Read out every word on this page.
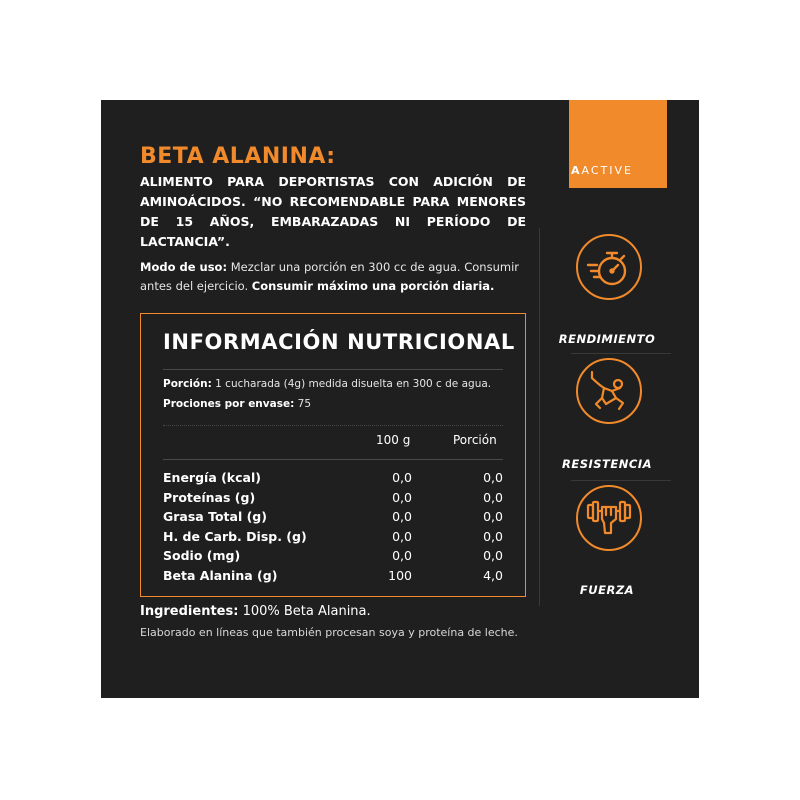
A ACTIVE
BETA ALANINA:
ALIMENTO PARA DEPORTISTAS CON ADICIÓN DE AMINOÁCIDOS. “NO RECOMENDABLE PARA MENORES DE 15 AÑOS, EMBARAZADAS NI PERÍODO DE LACTANCIA”.
Modo de uso: Mezclar una porción en 300 cc de agua. Consumir antes del ejercicio. Consumir máximo una porción diaria.
INFORMACIÓN NUTRICIONAL
Porción: 1 cucharada (4g) medida disuelta en 300 c de agua.
Prociones por envase: 75
100 g	Porción
Energía (kcal)	0,0	0,0
Proteínas (g)	0,0	0,0
Grasa Total (g)	0,0	0,0
H. de Carb. Disp. (g)	0,0	0,0
Sodio (mg)	0,0	0,0
Beta Alanina (g)	100	4,0
Ingredientes: 100% Beta Alanina.
Elaborado en líneas que también procesan soya y proteína de leche.
RENDIMIENTO
RESISTENCIA
FUERZA
